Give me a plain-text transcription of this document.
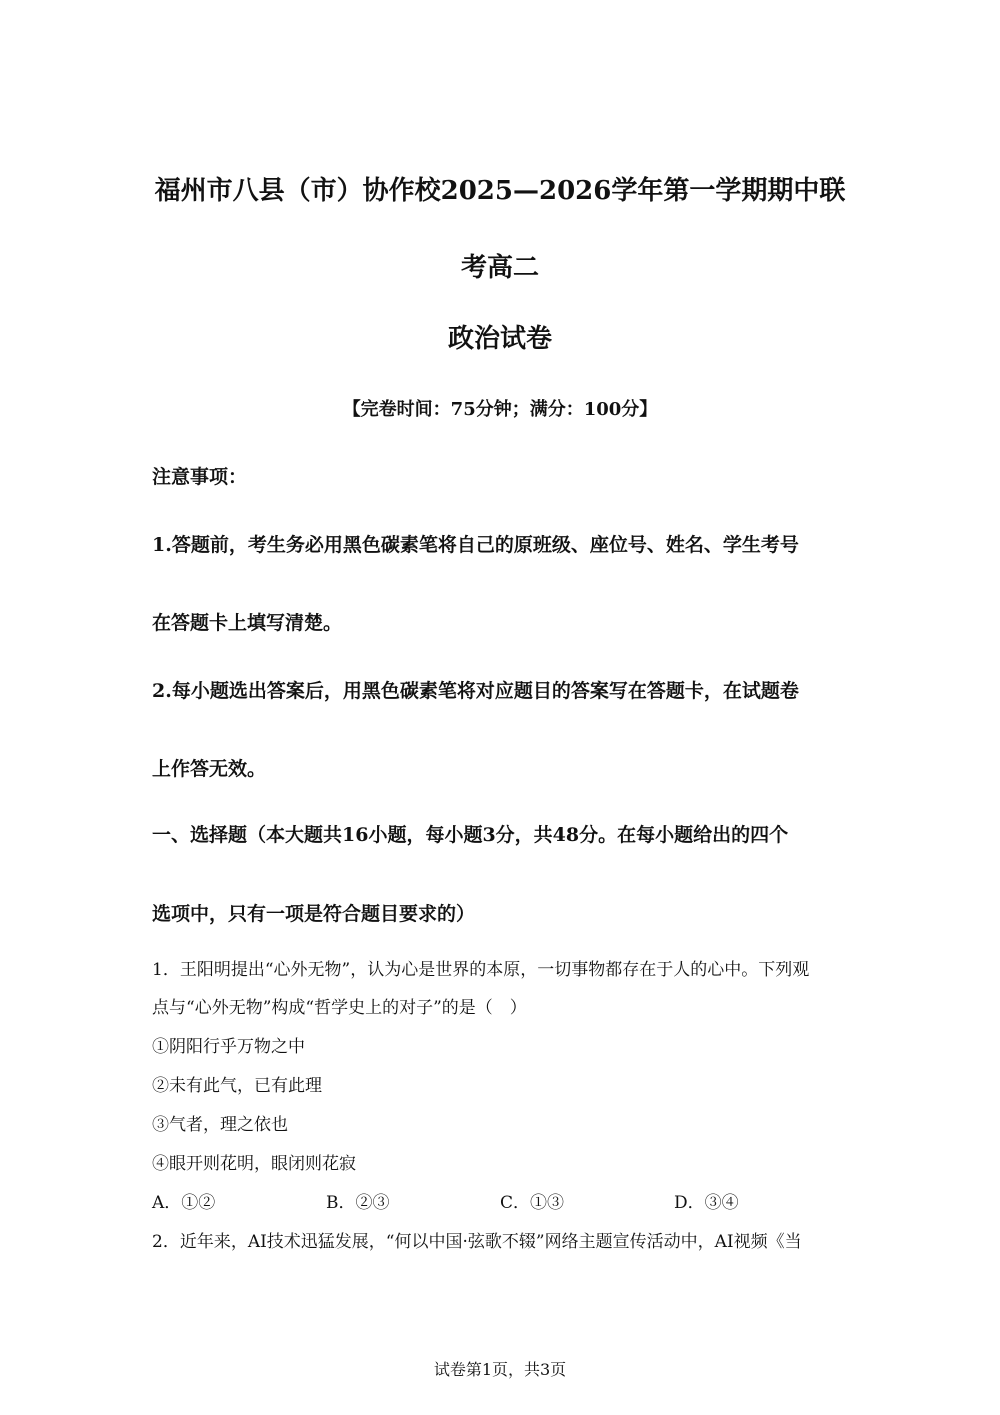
福州市八县（市）协作校2025—2026学年第一学期期中联
考高二
政治试卷
【完卷时间：75分钟；满分：100分】
注意事项：
1.答题前，考生务必用黑色碳素笔将自己的原班级、座位号、姓名、学生考号
在答题卡上填写清楚。
2.每小题选出答案后，用黑色碳素笔将对应题目的答案写在答题卡，在试题卷
上作答无效。
一、选择题（本大题共16小题，每小题3分，共48分。在每小题给出的四个
选项中，只有一项是符合题目要求的）
1．王阳明提出“心外无物”，认为心是世界的本原，一切事物都存在于人的心中。下列观
点与“心外无物”构成“哲学史上的对子”的是（　）
①阴阳行乎万物之中
②未有此气，已有此理
③气者，理之依也
④眼开则花明，眼闭则花寂
A．①②	B．②③	C．①③	D．③④
2．近年来，AI技术迅猛发展，“何以中国·弦歌不辍”网络主题宣传活动中，AI视频《当
试卷第1页，共3页
